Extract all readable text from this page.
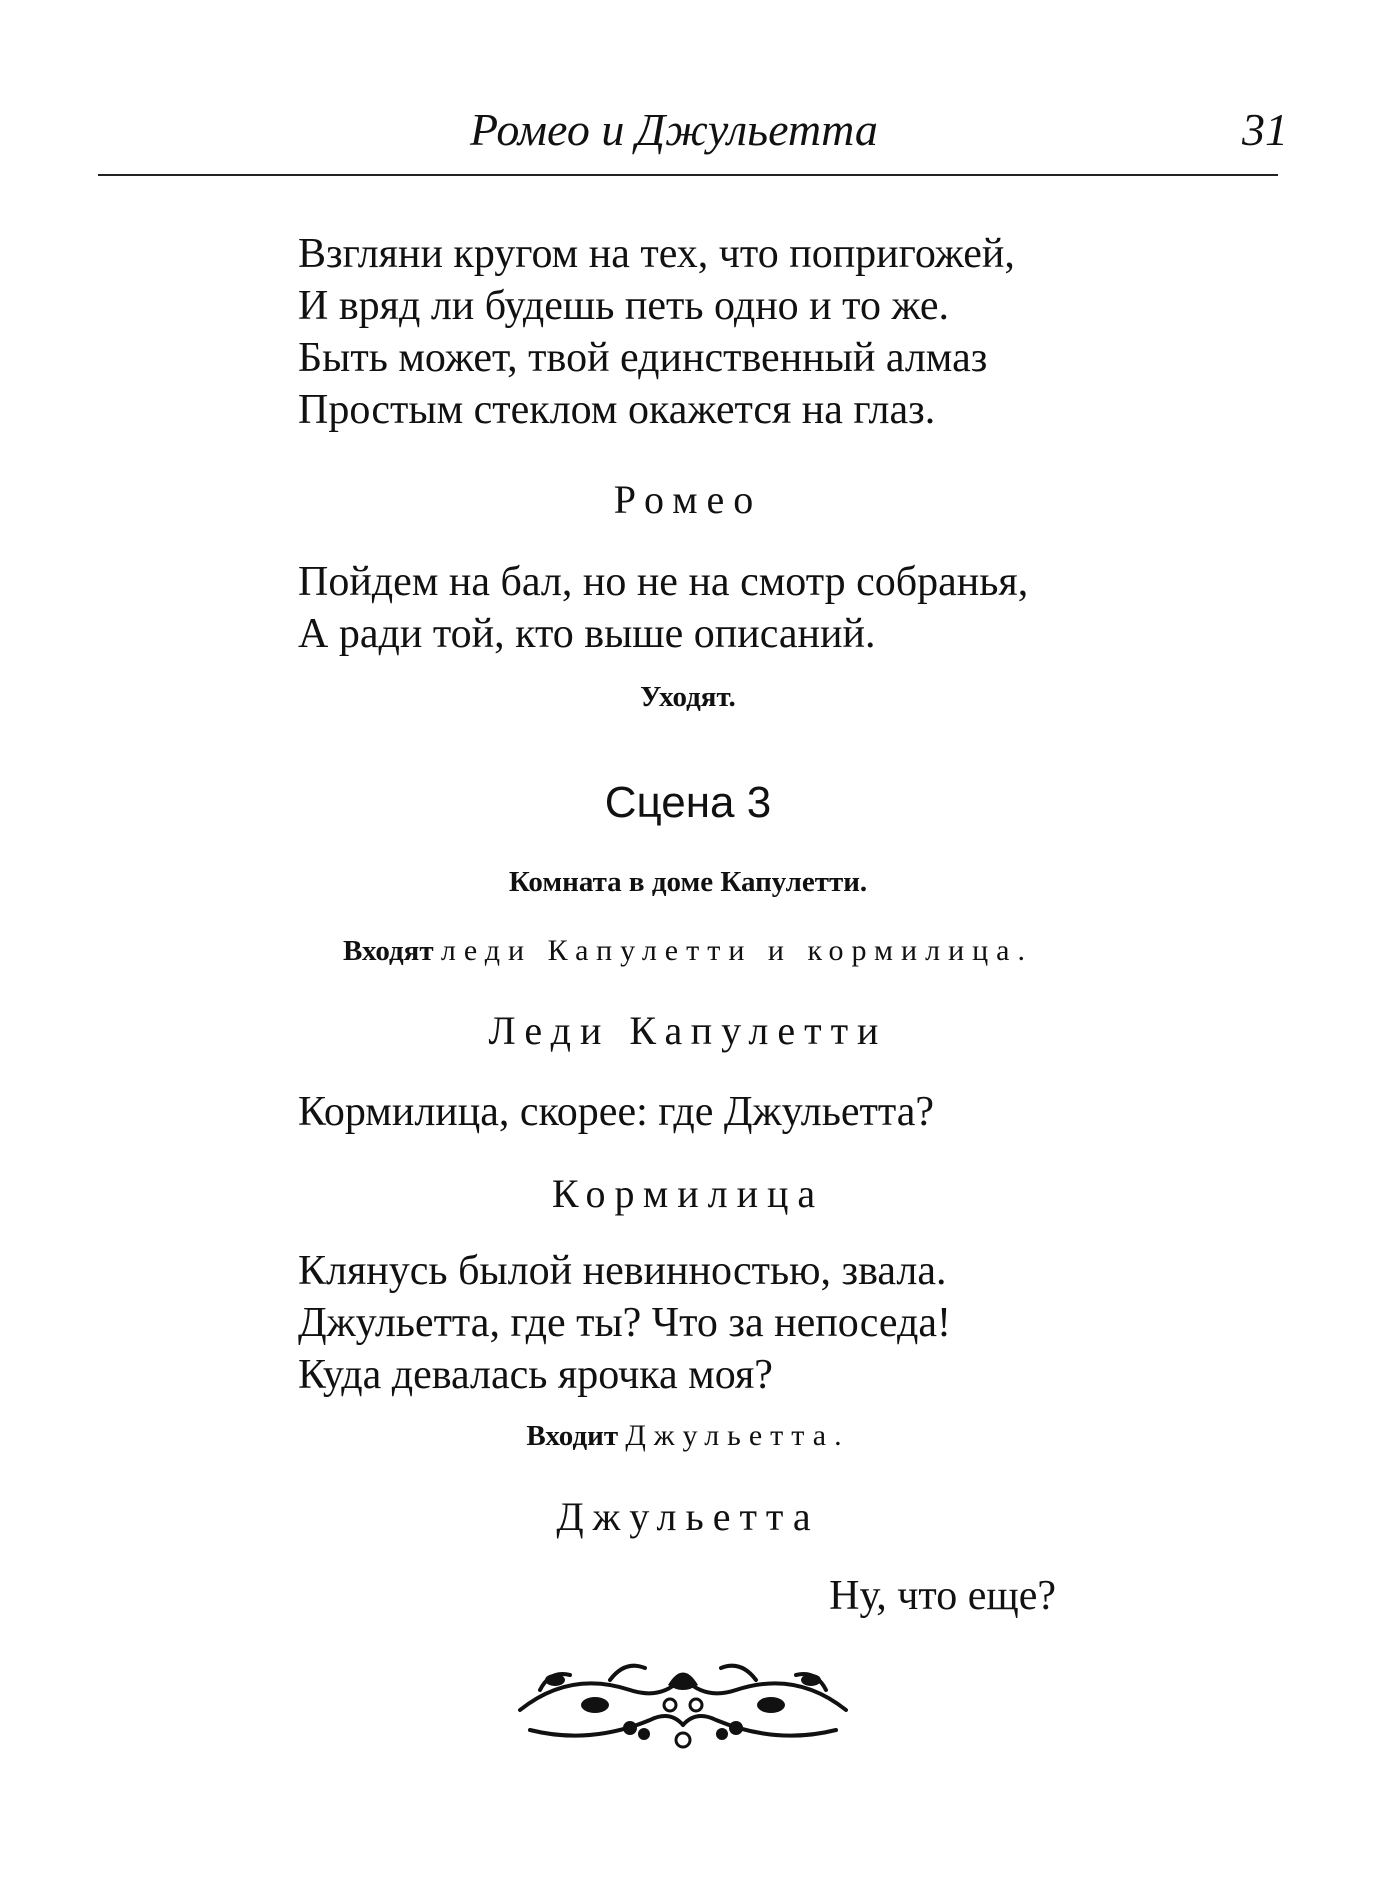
Ромео и Джульетта	31
Взгляни кругом на тех, что попригожей,
И вряд ли будешь петь одно и то же.
Быть может, твой единственный алмаз
Простым стеклом окажется на глаз.
Ромео
Пойдем на бал, но не на смотр собранья,
А ради той, кто выше описаний.
Уходят.
Сцена 3
Комната в доме Капулетти.
Входят леди Капулетти и кормилица.
Леди Капулетти
Кормилица, скорее: где Джульетта?
Кормилица
Клянусь былой невинностью, звала.
Джульетта, где ты? Что за непоседа!
Куда девалась ярочка моя?
Входит Джульетта.
Джульетта
Ну, что еще?
